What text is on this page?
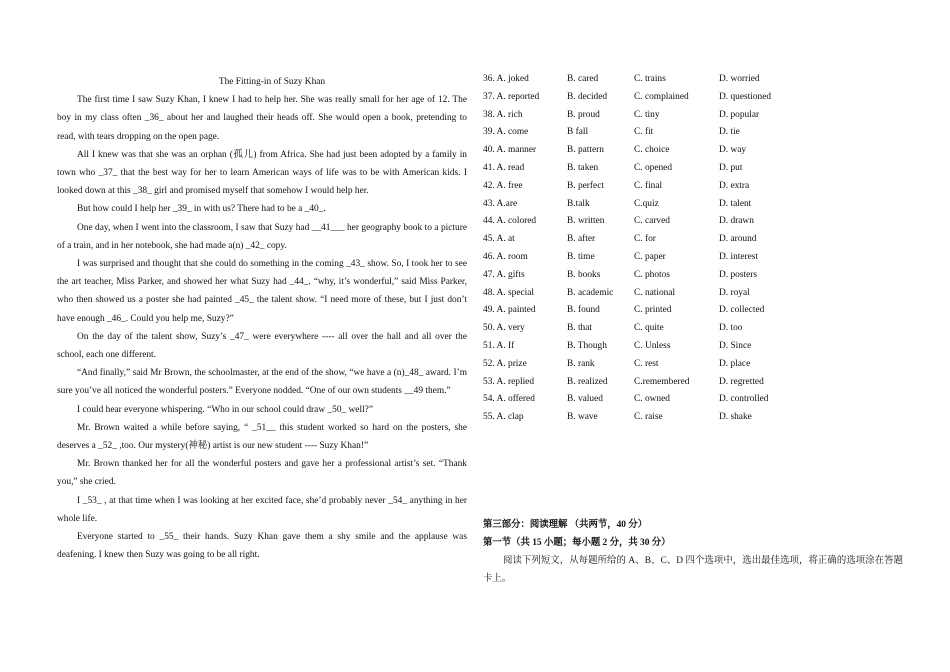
The Fitting-in of Suzy Khan

The first time I saw Suzy Khan, I knew I had to help her. She was really small for her age of 12. The boy in my class often _36_ about her and laughed their heads off. She would open a book, pretending to read, with tears dropping on the open page.

All I knew was that she was an orphan (孤儿) from Africa. She had just been adopted by a family in town who _37_ that the best way for her to learn American ways of life was to be with American kids. I looked down at this _38_ girl and promised myself that somehow I would help her.

But how could I help her _39_ in with us? There had to be a _40_.

One day, when I went into the classroom, I saw that Suzy had __41___ her geography book to a picture of a train, and in her notebook, she had made a(n) _42_ copy.

I was surprised and thought that she could do something in the coming _43_ show. So, I took her to see the art teacher, Miss Parker, and showed her what Suzy had _44_. “why, it’s wonderful,” said Miss Parker, who then showed us a poster she had painted _45_ the talent show. “I need more of these, but I just don’t have enough _46_. Could you help me, Suzy?”

On the day of the talent show, Suzy’s _47_ were everywhere ---- all over the hall and all over the school, each one different.

“And finally,” said Mr Brown, the schoolmaster, at the end of the show, “we have a (n)_48_ award. I’m sure you’ve all noticed the wonderful posters.” Everyone nodded. “One of our own students __49 them.”

I could hear everyone whispering. “Who in our school could draw _50_ well?”

Mr. Brown waited a while before saying, “ _51__ this student worked so hard on the posters, she deserves a _52_ ,too. Our mystery(神秘) artist is our new student ---- Suzy Khan!”

Mr. Brown thanked her for all the wonderful posters and gave her a professional artist’s set. “Thank you,” she cried.

I _53_ , at that time when I was looking at her excited face, she’d probably never _54_ anything in her whole life.

Everyone started to _55_ their hands. Suzy Khan gave them a shy smile and the applause was deafening. I knew then Suzy was going to be all right.

36. A. joked	B. cared	C. trains	D. worried
37. A. reported	B. decided	C. complained	D. questioned
38. A. rich	B. proud	C. tiny	D. popular
39. A. come	B fall	C. fit	D. tie
40. A. manner	B. pattern	C. choice	D. way
41. A. read	B. taken	C. opened	D. put
42. A. free	B. perfect	C. final	D. extra
43. A.are	B.talk	C.quiz	D. talent
44. A. colored	B. written	C. carved	D. drawn
45. A. at	B. after	C. for	D. around
46. A. room	B. time	C. paper	D. interest
47. A. gifts	B. books	C. photos	D. posters
48. A. special	B. academic C. national	D. royal
49. A. painted	B. found	C. printed	D. collected
50. A. very	B. that	C. quite	D. too
51. A. If	B. Though	C. Unless	D. Since
52. A. prize	B. rank	C. rest	D. place
53. A. replied	B. realized	C.remembered	D. regretted
54. A. offered	B. valued	C. owned	D. controlled
55. A. clap	B. wave	C. raise	D. shake

第三部分：阅读理解 （共两节，40 分）

第一节（共 15 小题；每小题 2 分，共 30 分）

阅读下列短文，从每题所给的 A、B、C、D 四个选项中，选出最佳选项，将正确的选项涂在答题卡上。
